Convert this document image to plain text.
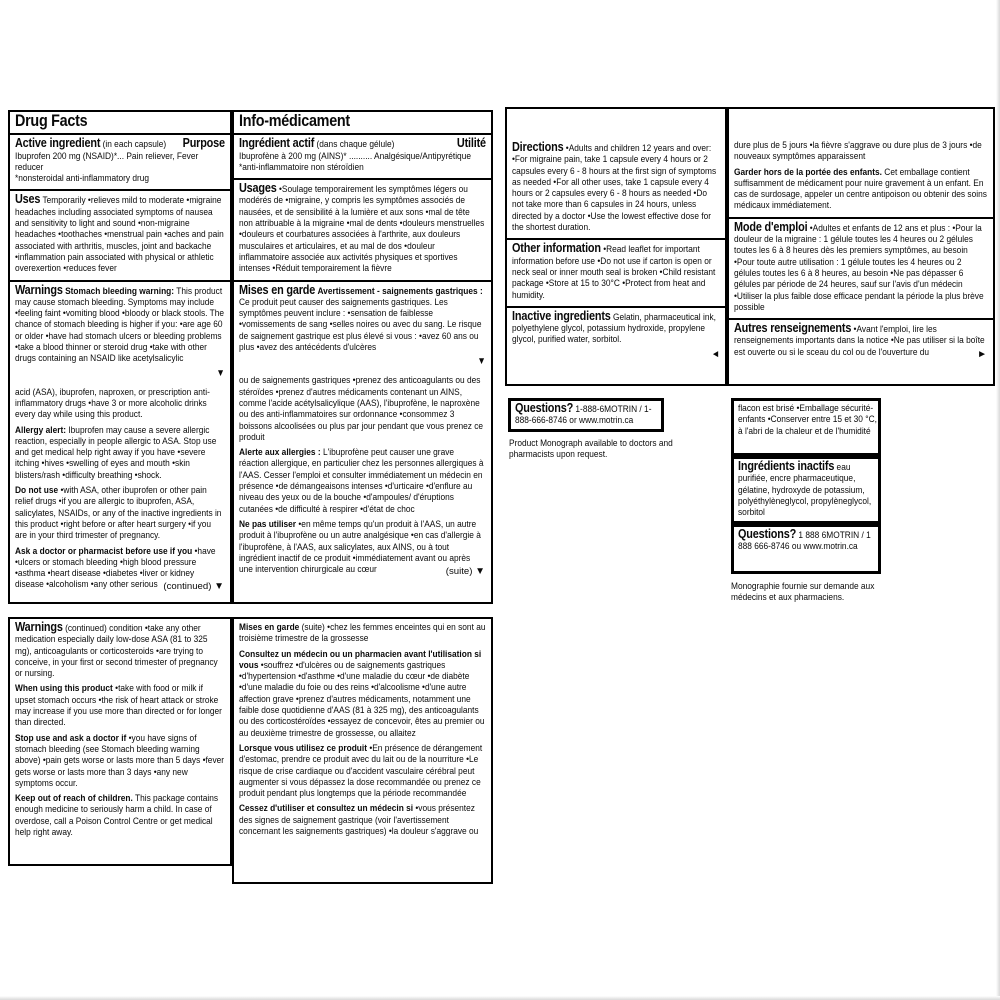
Drug Facts
Active ingredient (in each capsule) Purpose
Ibuprofen 200 mg (NSAID)*... Pain reliever, Fever reducer
*nonsteroidal anti-inflammatory drug

Uses Temporarily •relieves mild to moderate •migraine headaches including associated symptoms of nausea and sensitivity to light and sound •non-migraine headaches •toothaches •menstrual pain •aches and pain associated with arthritis, muscles, joint and backache •inflammation pain associated with physical or athletic overexertion •reduces fever

Warnings Stomach bleeding warning: This product may cause stomach bleeding. Symptoms may include •feeling faint •vomiting blood •bloody or black stools. The chance of stomach bleeding is higher if you: •are age 60 or older •have had stomach ulcers or bleeding problems •take a blood thinner or steroid drug •take with other drugs containing an NSAID like acetylsalicylic

▼

acid (ASA), ibuprofen, naproxen, or prescription anti-inflammatory drugs •have 3 or more alcoholic drinks every day while using this product.

Allergy alert: Ibuprofen may cause a severe allergic reaction, especially in people allergic to ASA. Stop use and get medical help right away if you have •severe itching •hives •swelling of eyes and mouth •skin blisters/rash •difficulty breathing •shock.

Do not use •with ASA, other ibuprofen or other pain relief drugs •if you are allergic to ibuprofen, ASA, salicylates, NSAIDs, or any of the inactive ingredients in this product •right before or after heart surgery •if you are in your third trimester of pregnancy.

Ask a doctor or pharmacist before use if you •have •ulcers or stomach bleeding •high blood pressure •asthma •heart disease •diabetes •liver or kidney disease •alcoholism •any other serious (continued) ▼
Info-médicament
Ingrédient actif (dans chaque gélule)	Utilité
Ibuprofène à 200 mg (AINS)* .......... Analgésique/Antipyrétique
*anti-inflammatoire non stéroïdien

Usages •Soulage temporairement les symptômes légers ou modérés de •migraine, y compris les symptômes associés de nausées, et de sensibilité à la lumière et aux sons •mal de tête non attribuable à la migraine •mal de dents •douleurs menstruelles •douleurs et courbatures associées à l'arthrite, aux douleurs musculaires et articulaires, et au mal de dos •douleur inflammatoire associée aux activités physiques et sportives intenses •Réduit temporairement la fièvre

Mises en garde Avertissement - saignements gastriques : Ce produit peut causer des saignements gastriques. Les symptômes peuvent inclure : •sensation de faiblesse •vomissements de sang •selles noires ou avec du sang. Le risque de saignement gastrique est plus élevé si vous : •avez 60 ans ou plus •avez des antécédents d'ulcères

▼

ou de saignements gastriques •prenez des anticoagulants ou des stéroïdes •prenez d'autres médicaments contenant un AINS, comme l'acide acétylsalicylique (AAS), l'ibuprofène, le naproxène ou des anti-inflammatoires sur ordonnance •consommez 3 boissons alcoolisées ou plus par jour pendant que vous prenez ce produit

Alerte aux allergies : L'ibuprofène peut causer une grave réaction allergique, en particulier chez les personnes allergiques à l'AAS. Cesser l'emploi et consulter immédiatement un médecin en présence •de démangeaisons intenses •d'urticaire •d'enflure au niveau des yeux ou de la bouche •d'ampoules/ d'éruptions cutanées •de difficulté à respirer •d'état de choc

Ne pas utiliser •en même temps qu'un produit à l'AAS, un autre produit à l'ibuprofène ou un autre analgésique •en cas d'allergie à l'ibuprofène, à l'AAS, aux salicylates, aux AINS, ou à tout ingrédient inactif de ce produit •immédiatement avant ou après une intervention chirurgicale au cœur	(suite) ▼

Directions •Adults and children 12 years and over: •For migraine pain, take 1 capsule every 4 hours or 2 capsules every 6 - 8 hours at the first sign of symptoms as needed •For all other uses, take 1 capsule every 4 hours or 2 capsules every 6 - 8 hours as needed •Do not take more than 6 capsules in 24 hours, unless directed by a doctor •Use the lowest effective dose for the shortest duration.

Other information •Read leaflet for important information before use •Do not use if carton is open or neck seal or inner mouth seal is broken •Child resistant package •Store at 15 to 30°C •Protect from heat and humidity.

Inactive ingredients Gelatin, pharmaceutical ink, polyethylene glycol, potassium hydroxide, propylene glycol, purified water, sorbitol.

◄

dure plus de 5 jours •la fièvre s'aggrave ou dure plus de 3 jours •de nouveaux symptômes apparaissent

Garder hors de la portée des enfants. Cet emballage contient suffisamment de médicament pour nuire gravement à un enfant. En cas de surdosage, appeler un centre antipoison ou obtenir des soins médicaux immédiatement.

Mode d'emploi •Adultes et enfants de 12 ans et plus : •Pour la douleur de la migraine : 1 gélule toutes les 4 heures ou 2 gélules toutes les 6 à 8 heures dès les premiers symptômes, au besoin •Pour toute autre utilisation : 1 gélule toutes les 4 heures ou 2 gélules toutes les 6 à 8 heures, au besoin •Ne pas dépasser 6 gélules par période de 24 heures, sauf sur l'avis d'un médecin •Utiliser la plus faible dose efficace pendant la période la plus brève possible

Autres renseignements •Avant l'emploi, lire les renseignements importants dans la notice •Ne pas utiliser si la boîte est ouverte ou si le sceau du col ou de l'ouverture du	►

Questions? 1-888-6MOTRIN / 1-888-666-8746 or www.motrin.ca

Product Monograph available to doctors and pharmacists upon request.

flacon est brisé •Emballage sécurité- enfants •Conserver entre 15 et 30 °C, à l'abri de la chaleur et de l'humidité

Ingrédients inactifs eau purifiée, encre pharmaceutique, gélatine, hydroxyde de potassium, polyéthylèneglycol, propylèneglycol, sorbitol

Questions? 1 888 6MOTRIN / 1 888 666-8746 ou www.motrin.ca

Monographie fournie sur demande aux médecins et aux pharmaciens.

Warnings (continued) condition •take any other medication especially daily low-dose ASA (81 to 325 mg), anticoagulants or corticosteroids •are trying to conceive, in your first or second trimester of pregnancy or nursing.

When using this product •take with food or milk if upset stomach occurs •the risk of heart attack or stroke may increase if you use more than directed or for longer than directed.

Stop use and ask a doctor if •you have signs of stomach bleeding (see Stomach bleeding warning above) •pain gets worse or lasts more than 5 days •fever gets worse or lasts more than 3 days •any new symptoms occur.

Keep out of reach of children. This package contains enough medicine to seriously harm a child. In case of overdose, call a Poison Control Centre or get medical help right away.

Mises en garde (suite) •chez les femmes enceintes qui en sont au troisième trimestre de la grossesse

Consultez un médecin ou un pharmacien avant l'utilisation si vous •souffrez •d'ulcères ou de saignements gastriques •d'hypertension •d'asthme •d'une maladie du cœur •de diabète •d'une maladie du foie ou des reins •d'alcoolisme •d'une autre affection grave •prenez d'autres médicaments, notamment une faible dose quotidienne d'AAS (81 à 325 mg), des anticoagulants ou des corticostéroïdes •essayez de concevoir, êtes au premier ou au deuxième trimestre de grossesse, ou allaitez

Lorsque vous utilisez ce produit •En présence de dérangement d'estomac, prendre ce produit avec du lait ou de la nourriture •Le risque de crise cardiaque ou d'accident vasculaire cérébral peut augmenter si vous dépassez la dose recommandée ou prenez ce produit pendant plus longtemps que la période recommandée

Cessez d'utiliser et consultez un médecin si •vous présentez des signes de saignement gastrique (voir l'avertissement concernant les saignements gastriques) •la douleur s'aggrave ou
